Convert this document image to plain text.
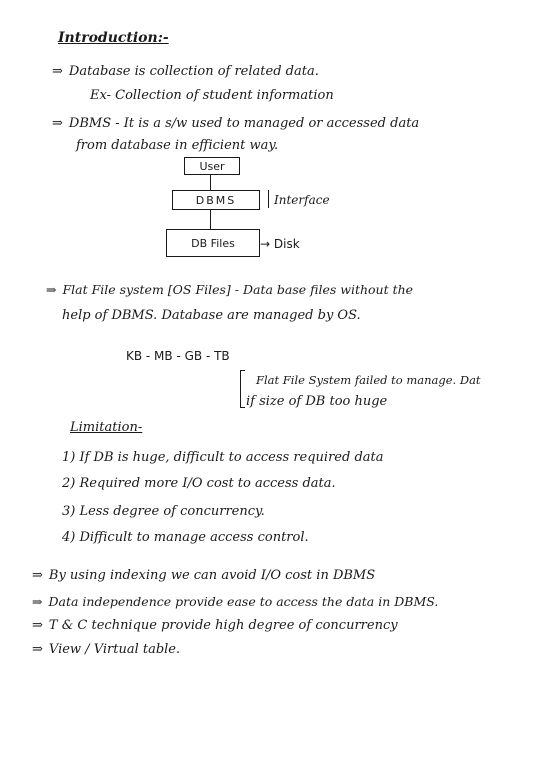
Introduction:-
⇒ Database is collection of related data.
Ex- Collection of student information
⇒ DBMS - It is a s/w used to managed or accessed data
from database in efficient way.
User
DBMS	Interface
DB Files	→ Disk
⇒ Flat File system [OS Files] - Data base files without the
help of DBMS. Database are managed by OS.
KB - MB - GB - TB
Flat File System failed to manage. Dat
if size of DB too huge
Limitation-
1) If DB is huge, difficult to access required data
2) Required more I/O cost to access data.
3) Less degree of concurrency.
4) Difficult to manage access control.
⇒ By using indexing we can avoid I/O cost in DBMS
⇒ Data independence provide ease to access the data in DBMS.
⇒ T & C technique provide high degree of concurrency
⇒ View / Virtual table.
